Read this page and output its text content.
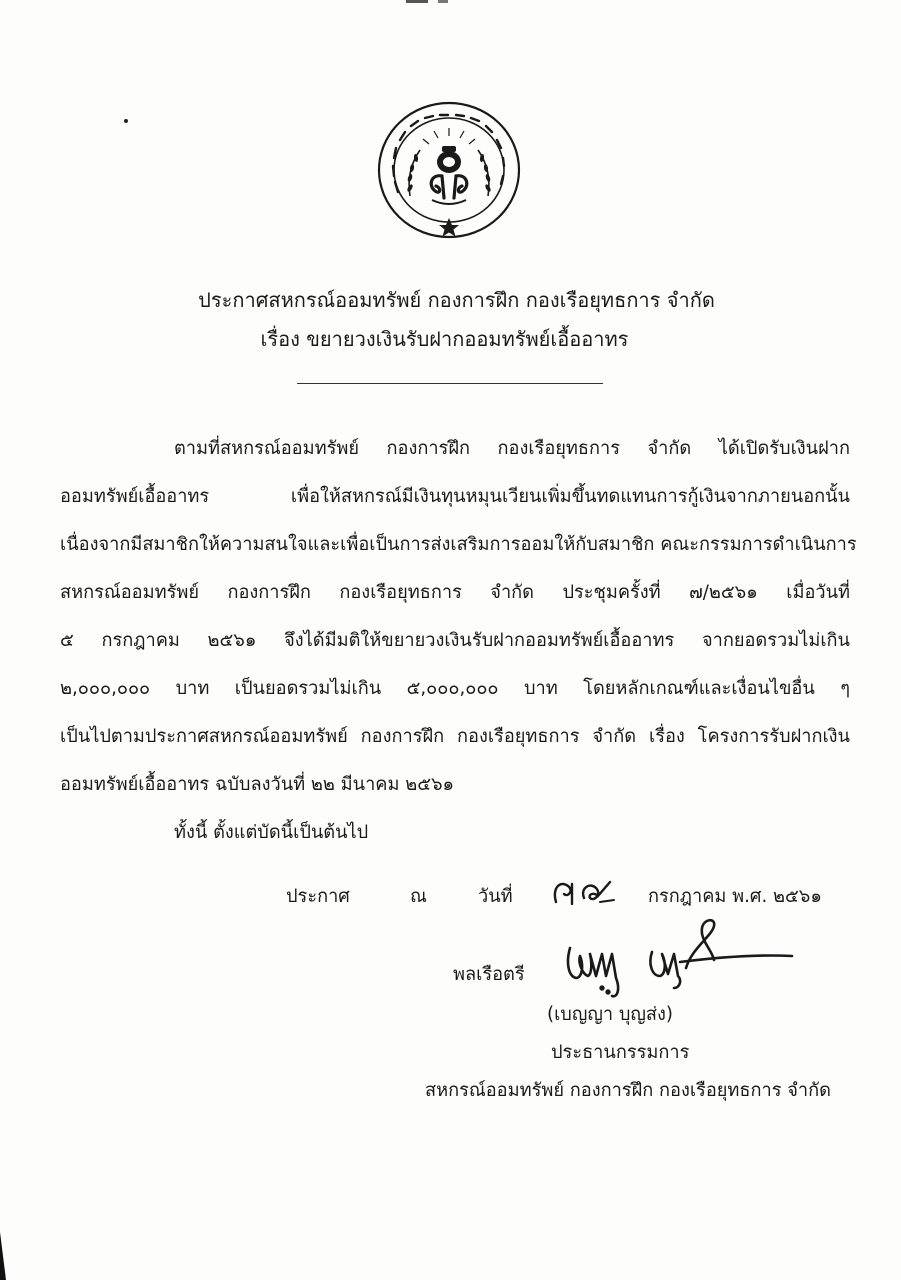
ประกาศสหกรณ์ออมทรัพย์ กองการฝึก กองเรือยุทธการ จำกัด
เรื่อง ขยายวงเงินรับฝากออมทรัพย์เอื้ออาทร
ตามที่สหกรณ์ออมทรัพย์ กองการฝึก กองเรือยุทธการ จำกัด ได้เปิดรับเงินฝาก
ออมทรัพย์เอื้ออาทร เพื่อให้สหกรณ์มีเงินทุนหมุนเวียนเพิ่มขึ้นทดแทนการกู้เงินจากภายนอกนั้น
เนื่องจากมีสมาชิกให้ความสนใจและเพื่อเป็นการส่งเสริมการออมให้กับสมาชิก คณะกรรมการดำเนินการ
สหกรณ์ออมทรัพย์ กองการฝึก กองเรือยุทธการ จำกัด ประชุมครั้งที่ ๗/๒๕๖๑ เมื่อวันที่
๕ กรกฎาคม ๒๕๖๑ จึงได้มีมติให้ขยายวงเงินรับฝากออมทรัพย์เอื้ออาทร จากยอดรวมไม่เกิน
๒,๐๐๐,๐๐๐ บาท เป็นยอดรวมไม่เกิน ๕,๐๐๐,๐๐๐ บาท โดยหลักเกณฑ์และเงื่อนไขอื่น ๆ
เป็นไปตามประกาศสหกรณ์ออมทรัพย์ กองการฝึก กองเรือยุทธการ จำกัด เรื่อง โครงการรับฝากเงิน
ออมทรัพย์เอื้ออาทร ฉบับลงวันที่ ๒๒ มีนาคม ๒๕๖๑
ทั้งนี้ ตั้งแต่บัดนี้เป็นต้นไป
ประกาศ	ณ	วันที่	กรกฎาคม พ.ศ. ๒๕๖๑
พลเรือตรี
(เบญญา บุญส่ง)
ประธานกรรมการ
สหกรณ์ออมทรัพย์ กองการฝึก กองเรือยุทธการ จำกัด
